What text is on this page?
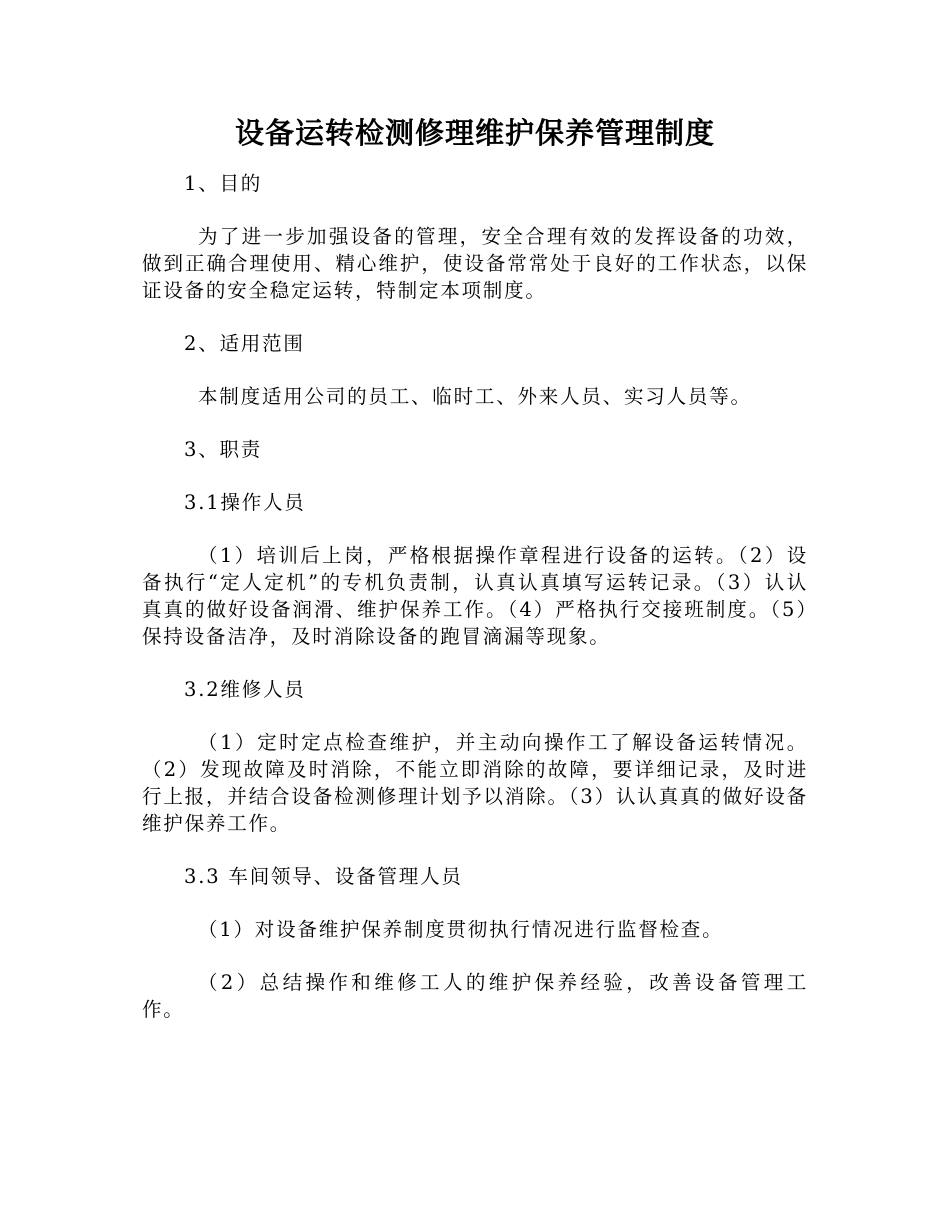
设备运转检测修理维护保养管理制度
1、目的
为了进一步加强设备的管理，安全合理有效的发挥设备的功效，做到正确合理使用、精心维护，使设备常常处于良好的工作状态，以保证设备的安全稳定运转，特制定本项制度。
2、适用范围
本制度适用公司的员工、临时工、外来人员、实习人员等。
3、职责
3.1操作人员
（1）培训后上岗，严格根据操作章程进行设备的运转。（2）设备执行“定人定机”的专机负责制，认真认真填写运转记录。（3）认认真真的做好设备润滑、维护保养工作。（4）严格执行交接班制度。（5）保持设备洁净，及时消除设备的跑冒滴漏等现象。
3.2维修人员
（1）定时定点检查维护，并主动向操作工了解设备运转情况。（2）发现故障及时消除，不能立即消除的故障，要详细记录，及时进行上报，并结合设备检测修理计划予以消除。（3）认认真真的做好设备维护保养工作。
3.3 车间领导、设备管理人员
（1）对设备维护保养制度贯彻执行情况进行监督检查。
（2）总结操作和维修工人的维护保养经验，改善设备管理工作。
